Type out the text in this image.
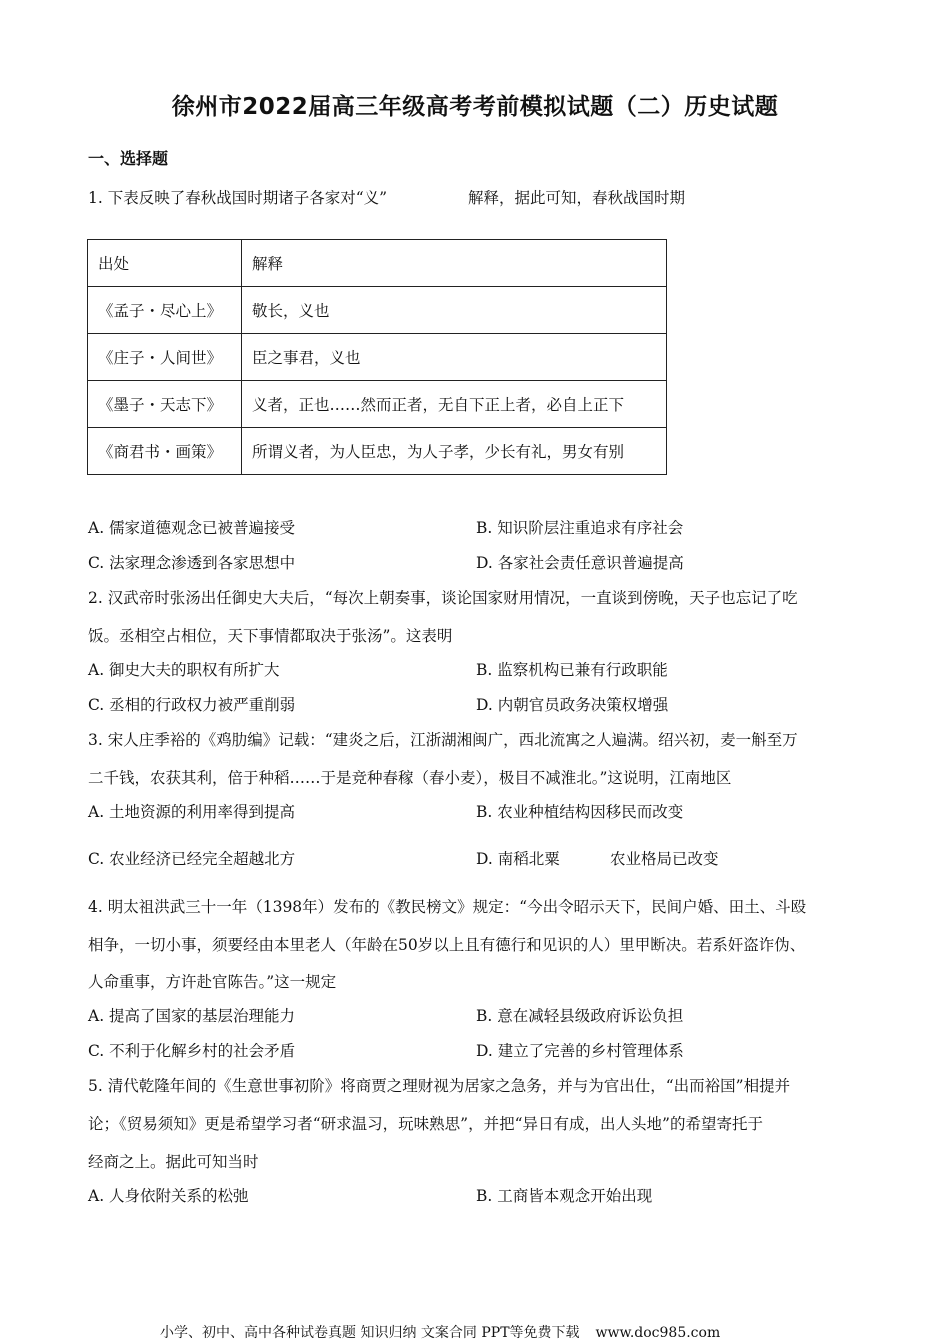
徐州市2022届高三年级高考考前模拟试题（二）历史试题
一、选择题
1. 下表反映了春秋战国时期诸子各家对“义”	解释，据此可知，春秋战国时期
出处	解释
《孟子・尽心上》	敬长，义也
《庄子・人间世》	臣之事君，义也
《墨子・天志下》	义者，正也……然而正者，无自下正上者，必自上正下
《商君书・画策》	所谓义者，为人臣忠，为人子孝，少长有礼，男女有别
A. 儒家道德观念已被普遍接受	B. 知识阶层注重追求有序社会
C. 法家理念渗透到各家思想中	D. 各家社会责任意识普遍提高
2. 汉武帝时张汤出任御史大夫后，“每次上朝奏事，谈论国家财用情况，一直谈到傍晚，天子也忘记了吃
饭。丞相空占相位，天下事情都取决于张汤”。这表明
A. 御史大夫的职权有所扩大	B. 监察机构已兼有行政职能
C. 丞相的行政权力被严重削弱	D. 内朝官员政务决策权增强
3. 宋人庄季裕的《鸡肋编》记载：“建炎之后，江浙湖湘闽广，西北流寓之人遍满。绍兴初，麦一斛至万
二千钱，农获其利，倍于种稻……于是竞种春稼（春小麦），极目不减淮北。”这说明，江南地区
A. 土地资源的利用率得到提高	B. 农业种植结构因移民而改变
C. 农业经济已经完全超越北方	D. 南稻北粟	农业格局已改变
4. 明太祖洪武三十一年（1398年）发布的《教民榜文》规定：“今出令昭示天下，民间户婚、田土、斗殴
相争，一切小事，须要经由本里老人（年龄在50岁以上且有德行和见识的人）里甲断决。若系奸盗诈伪、
人命重事，方许赴官陈告。”这一规定
A. 提高了国家的基层治理能力	B. 意在减轻县级政府诉讼负担
C. 不利于化解乡村的社会矛盾	D. 建立了完善的乡村管理体系
5. 清代乾隆年间的《生意世事初阶》将商贾之理财视为居家之急务，并与为官出仕，“出而裕国”相提并
论；《贸易须知》更是希望学习者“研求温习，玩味熟思”，并把“异日有成，出人头地”的希望寄托于
经商之上。据此可知当时
A. 人身依附关系的松弛	B. 工商皆本观念开始出现
小学、初中、高中各种试卷真题 知识归纳 文案合同 PPT等免费下载 www.doc985.com
